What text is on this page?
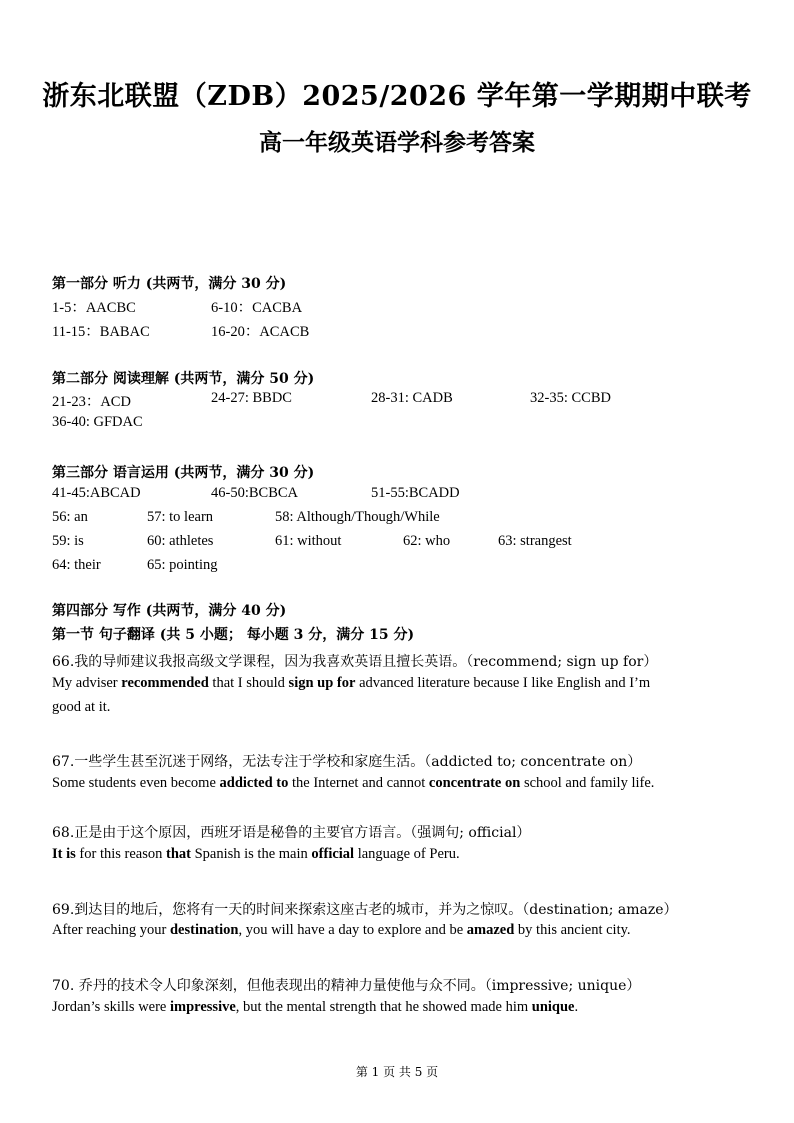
浙东北联盟（ZDB）2025/2026 学年第一学期期中联考
高一年级英语学科参考答案
第一部分 听力 (共两节，满分 30 分)
1-5：AACBC	6-10：CACBA
11-15：BABAC	16-20：ACACB
第二部分 阅读理解 (共两节，满分 50 分)
21-23：ACD	24-27: BBDC	28-31: CADB	32-35: CCBD
36-40: GFDAC
第三部分 语言运用 (共两节，满分 30 分)
41-45:ABCAD	46-50:BCBCA	51-55:BCADD
56: an	57: to learn	58: Although/Though/While
59: is	60: athletes	61: without	62: who	63: strangest
64: their	65: pointing
第四部分 写作 (共两节，满分 40 分)
第一节 句子翻译 (共 5 小题； 每小题 3 分，满分 15 分)
66.我的导师建议我报高级文学课程，因为我喜欢英语且擅长英语。（recommend; sign up for）
My adviser recommended that I should sign up for advanced literature because I like English and I’m
good at it.
67.一些学生甚至沉迷于网络，无法专注于学校和家庭生活。（addicted to; concentrate on）
Some students even become addicted to the Internet and cannot concentrate on school and family life.
68.正是由于这个原因，西班牙语是秘鲁的主要官方语言。（强调句; official）
It is for this reason that Spanish is the main official language of Peru.
69.到达目的地后，您将有一天的时间来探索这座古老的城市，并为之惊叹。（destination; amaze）
After reaching your destination, you will have a day to explore and be amazed by this ancient city.
70. 乔丹的技术令人印象深刻，但他表现出的精神力量使他与众不同。（impressive; unique）
Jordan’s skills were impressive, but the mental strength that he showed made him unique.
第 1 页 共 5 页
